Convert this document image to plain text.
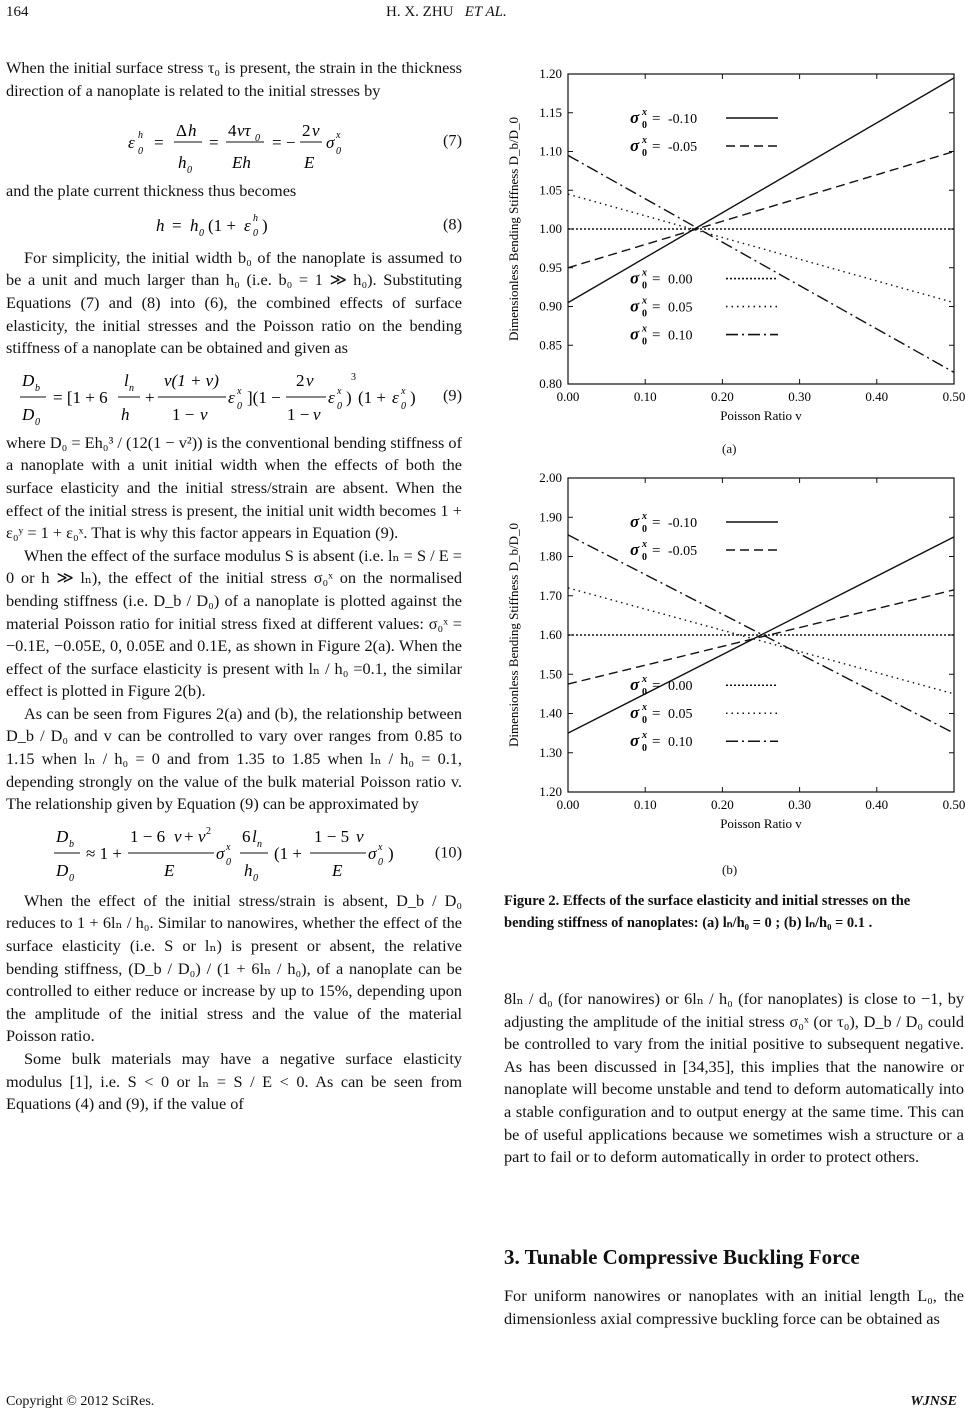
164	H. X. ZHU ET AL.

When the initial surface stress τ₀ is present, the strain in the thickness direction of a nanoplate is related to the initial stresses by

ε 0
h =
Δ h
h 0
=
4 vτ 0
Eh
= −
2 v
E
σ 0
x	(7)

and the plate current thickness thus becomes

h = h 0 (1 + ε 0
h )	(8)

For simplicity, the initial width b₀ of the nanoplate is assumed to be a unit and much larger than h₀ (i.e. b₀ = 1 ≫ h₀). Substituting Equations (7) and (8) into (6), the combined effects of surface elasticity, the initial stresses and the Poisson ratio on the bending stiffness of a nanoplate can be obtained and given as

D b
D 0
= [1 + 6
l n
h
+
v(1 + v)
1 − v
ε 0
x ](1 −
2 v
1 − v
ε 0
x )
3
(1 + ε 0
x ) (9)

where D₀ = Eh₀³ / (12(1 − v²)) is the conventional bending stiffness of a nanoplate with a unit initial width when the effects of both the surface elasticity and the initial stress/strain are absent. When the effect of the initial stress is present, the initial unit width becomes 1 + ε₀ʸ = 1 + ε₀ˣ. That is why this factor appears in Equation (9).

When the effect of the surface modulus S is absent (i.e. lₙ = S / E = 0 or h ≫ lₙ), the effect of the initial stress σ₀ˣ on the normalised bending stiffness (i.e. D_b / D₀) of a nanoplate is plotted against the material Poisson ratio for initial stress fixed at different values: σ₀ˣ = −0.1E, −0.05E, 0, 0.05E and 0.1E, as shown in Figure 2(a). When the effect of the surface elasticity is present with lₙ / h₀ =0.1, the similar effect is plotted in Figure 2(b).

As can be seen from Figures 2(a) and (b), the relationship between D_b / D₀ and v can be controlled to vary over ranges from 0.85 to 1.15 when lₙ / h₀ = 0 and from 1.35 to 1.85 when lₙ / h₀ = 0.1, depending strongly on the value of the bulk material Poisson ratio v. The relationship given by Equation (9) can be approximated by

D b
D 0
≈ 1 +
1 − 6 v + v 2
E
σ 0
x
6 l n
h 0
(1 +
1 − 5 v
E
σ 0
x )	(10)

When the effect of the initial stress/strain is absent, D_b / D₀ reduces to 1 + 6lₙ / h₀. Similar to nanowires, whether the effect of the surface elasticity (i.e. S or lₙ) is present or absent, the relative bending stiffness, (D_b / D₀) / (1 + 6lₙ / h₀), of a nanoplate can be controlled to either reduce or increase by up to 15%, depending upon the amplitude of the initial stress and the value of the material Poisson ratio.

Some bulk materials may have a negative surface elasticity modulus [1], i.e. S < 0 or lₙ = S / E < 0. As can be seen from Equations (4) and (9), if the value of

0.00	0.10	0.20	0.30	0.40	0.50
0.80
0.85
0.90
0.95
1.00
1.05
1.10
1.15
1.20
Poisson Ratio v
Dimensionless Bending Stiffness D_b/D_0	σ x
0 = -0.10
σ x
0 = -0.05
σ x
0 = 0.00
σ x
0 = 0.05
σ x
0 = 0.10
(a)
0.00	0.10	0.20	0.30	0.40	0.50
1.20
1.30
1.40
1.50
1.60
1.70
1.80
1.90
2.00
Poisson Ratio v
Dimensionless Bending Stiffness D_b/D_0
σ x
0 = -0.10
σ x
0 = -0.05
σ x
0 = 0.00
σ x
0 = 0.05
σ x
0 = 0.10
(b)
Figure 2. Effects of the surface elasticity and initial stresses on the bending stiffness of nanoplates: (a) lₙ/h₀ = 0 ; (b) lₙ/h₀ = 0.1 .

8lₙ / d₀ (for nanowires) or 6lₙ / h₀ (for nanoplates) is close to −1, by adjusting the amplitude of the initial stress σ₀ˣ (or τ₀), D_b / D₀ could be controlled to vary from the initial positive to subsequent negative. As has been discussed in [34,35], this implies that the nanowire or nanoplate will become unstable and tend to deform automatically into a stable configuration and to output energy at the same time. This can be of useful applications because we sometimes wish a structure or a part to fail or to deform automatically in order to protect others.

3. Tunable Compressive Buckling Force

For uniform nanowires or nanoplates with an initial length L₀, the dimensionless axial compressive buckling force can be obtained as

Copyright © 2012 SciRes.	WJNSE
